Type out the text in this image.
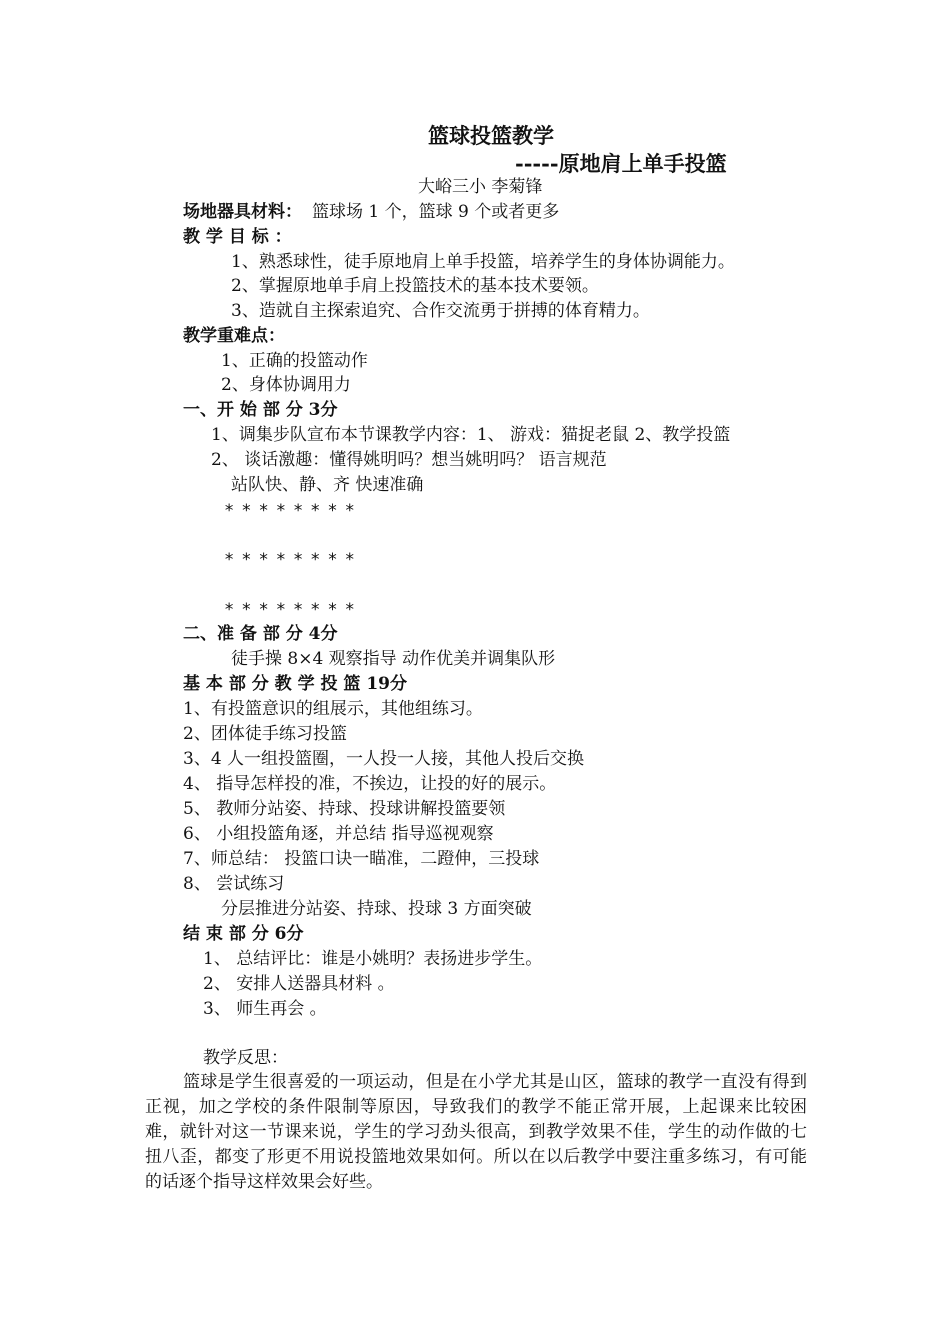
篮球投篮教学
-----原地肩上单手投篮
大峪三小 李菊锋
场地器具材料： 篮球场 1 个，篮球 9 个或者更多
教 学 目 标 ：
1、熟悉球性，徒手原地肩上单手投篮，培养学生的身体协调能力。
2、掌握原地单手肩上投篮技术的基本技术要领。
3、造就自主探索追究、合作交流勇于拼搏的体育精力。
教学重难点：
1、正确的投篮动作
2、身体协调用力
一、开 始 部 分 3分
1、调集步队宣布本节课教学内容：1、 游戏：猫捉老鼠 2、教学投篮
2、 谈话激趣：懂得姚明吗？想当姚明吗？ 语言规范
站队快、静、齐 快速准确
********
********
********
二、准 备 部 分 4分
徒手操 8×4 观察指导 动作优美并调集队形
基 本 部 分 教 学 投 篮 19分
1、有投篮意识的组展示，其他组练习。
2、团体徒手练习投篮
3、4 人一组投篮圈，一人投一人接，其他人投后交换
4、 指导怎样投的准，不挨边，让投的好的展示。
5、 教师分站姿、持球、投球讲解投篮要领
6、 小组投篮角逐，并总结 指导巡视观察
7、师总结： 投篮口诀一瞄准，二蹬伸，三投球
8、 尝试练习
分层推进分站姿、持球、投球 3 方面突破
结 束 部 分 6分
1、 总结评比：谁是小姚明？表扬进步学生。
2、 安排人送器具材料 。
3、 师生再会 。
教学反思：
篮球是学生很喜爱的一项运动，但是在小学尤其是山区，篮球的教学一直没有得到正视，加之学校的条件限制等原因，导致我们的教学不能正常开展，上起课来比较困难，就针对这一节课来说，学生的学习劲头很高，到教学效果不佳，学生的动作做的七扭八歪，都变了形更不用说投篮地效果如何。所以在以后教学中要注重多练习，有可能的话逐个指导这样效果会好些。
